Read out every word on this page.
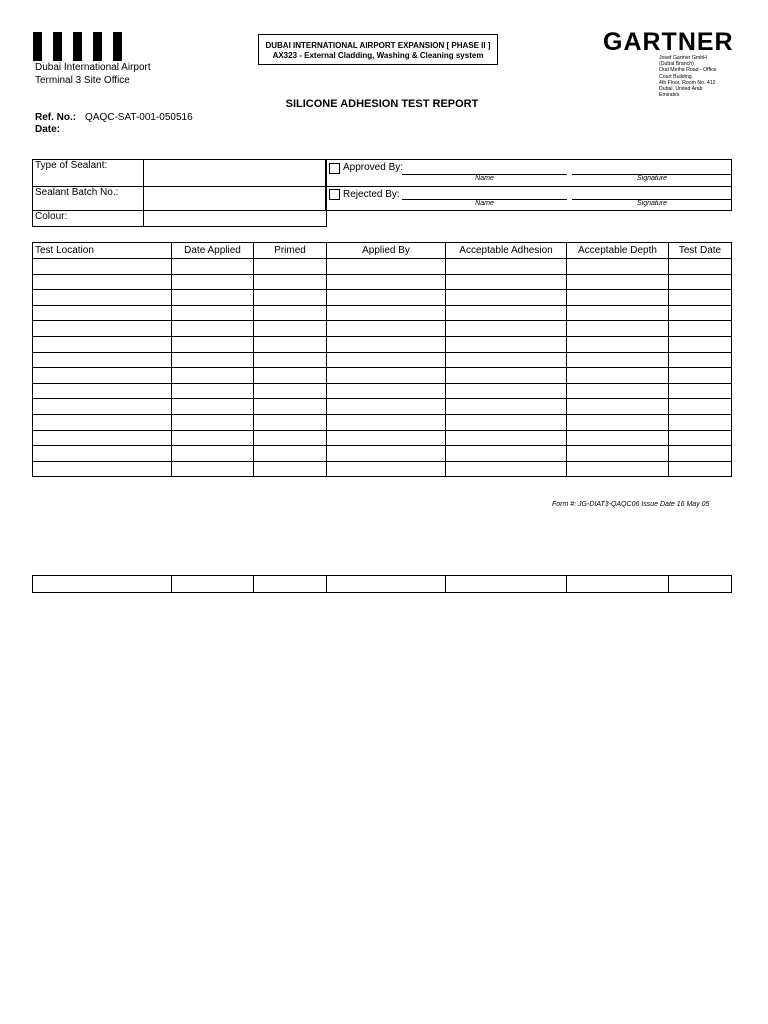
Dubai International Airport
Terminal 3 Site Office
DUBAI INTERNATIONAL AIRPORT EXPANSION [ PHASE II ]
AX323 - External Cladding, Washing & Cleaning system	GARTNER
Josef Gartner GmbH
(Dubai Branch)
Oud Metha Road - Office
Court Building
4th Floor, Room No. 412
Dubai, United Arab
Emirates
SILICONE ADHESION TEST REPORT
Ref. No.: QAQC-SAT-001-050516
Date:
Type of Sealant:	
Sealant Batch No.:	
Colour:	
Approved By:
Name	Signature
Rejected By:
Name	Signature
Test Location	Date Applied	Primed	Applied By	Acceptable Adhesion	Acceptable Depth	Test Date

Form #: JG-DIAT3-QAQC06 Issue Date 16 May 05
